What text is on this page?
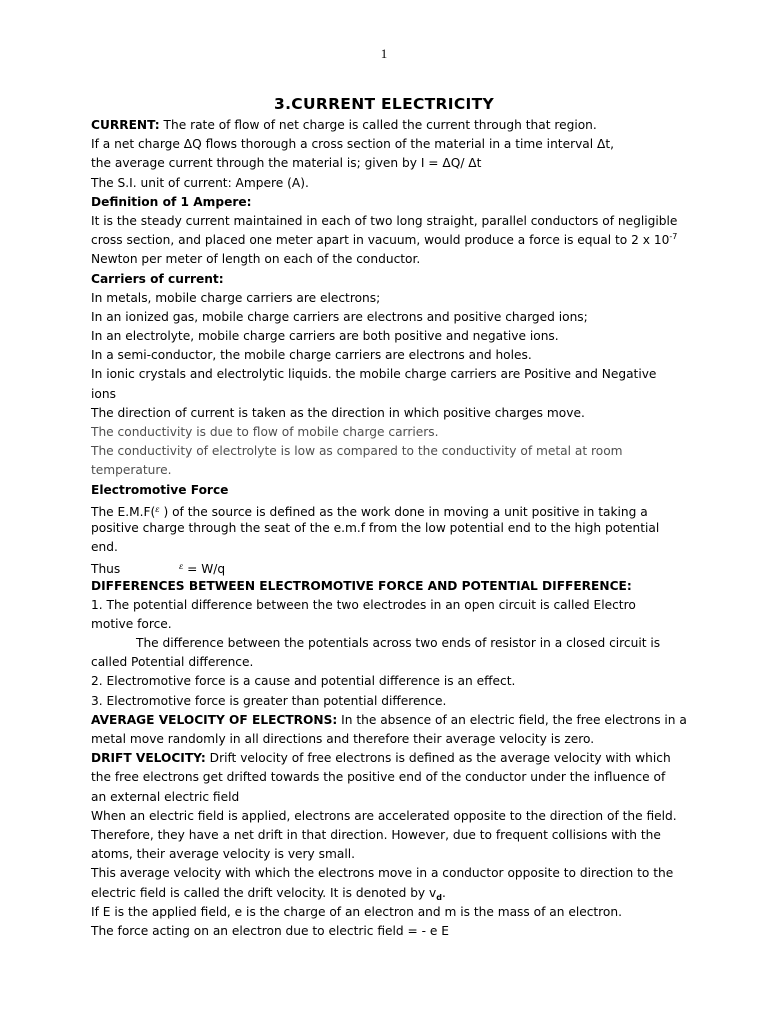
1
3.CURRENT ELECTRICITY
CURRENT: The rate of flow of net charge is called the current through that region.
If a net charge ΔQ flows thorough a cross section of the material in a time interval Δt,
the average current through the material is; given by I = ΔQ/ Δt
The S.I. unit of current: Ampere (A).
Definition of 1 Ampere:
It is the steady current maintained in each of two long straight, parallel conductors of negligible
cross section, and placed one meter apart in vacuum, would produce a force is equal to 2 x $10^{-7}$
Newton per meter of length on each of the conductor.
Carriers of current:
In metals, mobile charge carriers are electrons;
In an ionized gas, mobile charge carriers are electrons and positive charged ions;
In an electrolyte, mobile charge carriers are both positive and negative ions.
In a semi-conductor, the mobile charge carriers are electrons and holes.
In ionic crystals and electrolytic liquids. the mobile charge carriers are Positive and Negative
ions
The direction of current is taken as the direction in which positive charges move.
The conductivity is due to flow of mobile charge carriers.
The conductivity of electrolyte is low as compared to the conductivity of metal at room
temperature.
Electromotive Force
The E.M.F($^\varepsilon$ ) of the source is defined as the work done in moving a unit positive in taking a
positive charge through the seat of the e.m.f from the low potential end to the high potential
end.
Thus	$^\varepsilon$ = W/q
DIFFERENCES BETWEEN ELECTROMOTIVE FORCE AND POTENTIAL DIFFERENCE:
1. The potential difference between the two electrodes in an open circuit is called Electro
motive force.
The difference between the potentials across two ends of resistor in a closed circuit is
called Potential difference.
2. Electromotive force is a cause and potential difference is an effect.
3. Electromotive force is greater than potential difference.
AVERAGE VELOCITY OF ELECTRONS: In the absence of an electric field, the free electrons in a
metal move randomly in all directions and therefore their average velocity is zero.
DRIFT VELOCITY: Drift velocity of free electrons is defined as the average velocity with which
the free electrons get drifted towards the positive end of the conductor under the influence of
an external electric field
When an electric field is applied, electrons are accelerated opposite to the direction of the field.
Therefore, they have a net drift in that direction. However, due to frequent collisions with the
atoms, their average velocity is very small.
This average velocity with which the electrons move in a conductor opposite to direction to the
electric field is called the drift velocity. It is denoted by $v_d$.
If E is the applied field, e is the charge of an electron and m is the mass of an electron.
The force acting on an electron due to electric field = - e E
